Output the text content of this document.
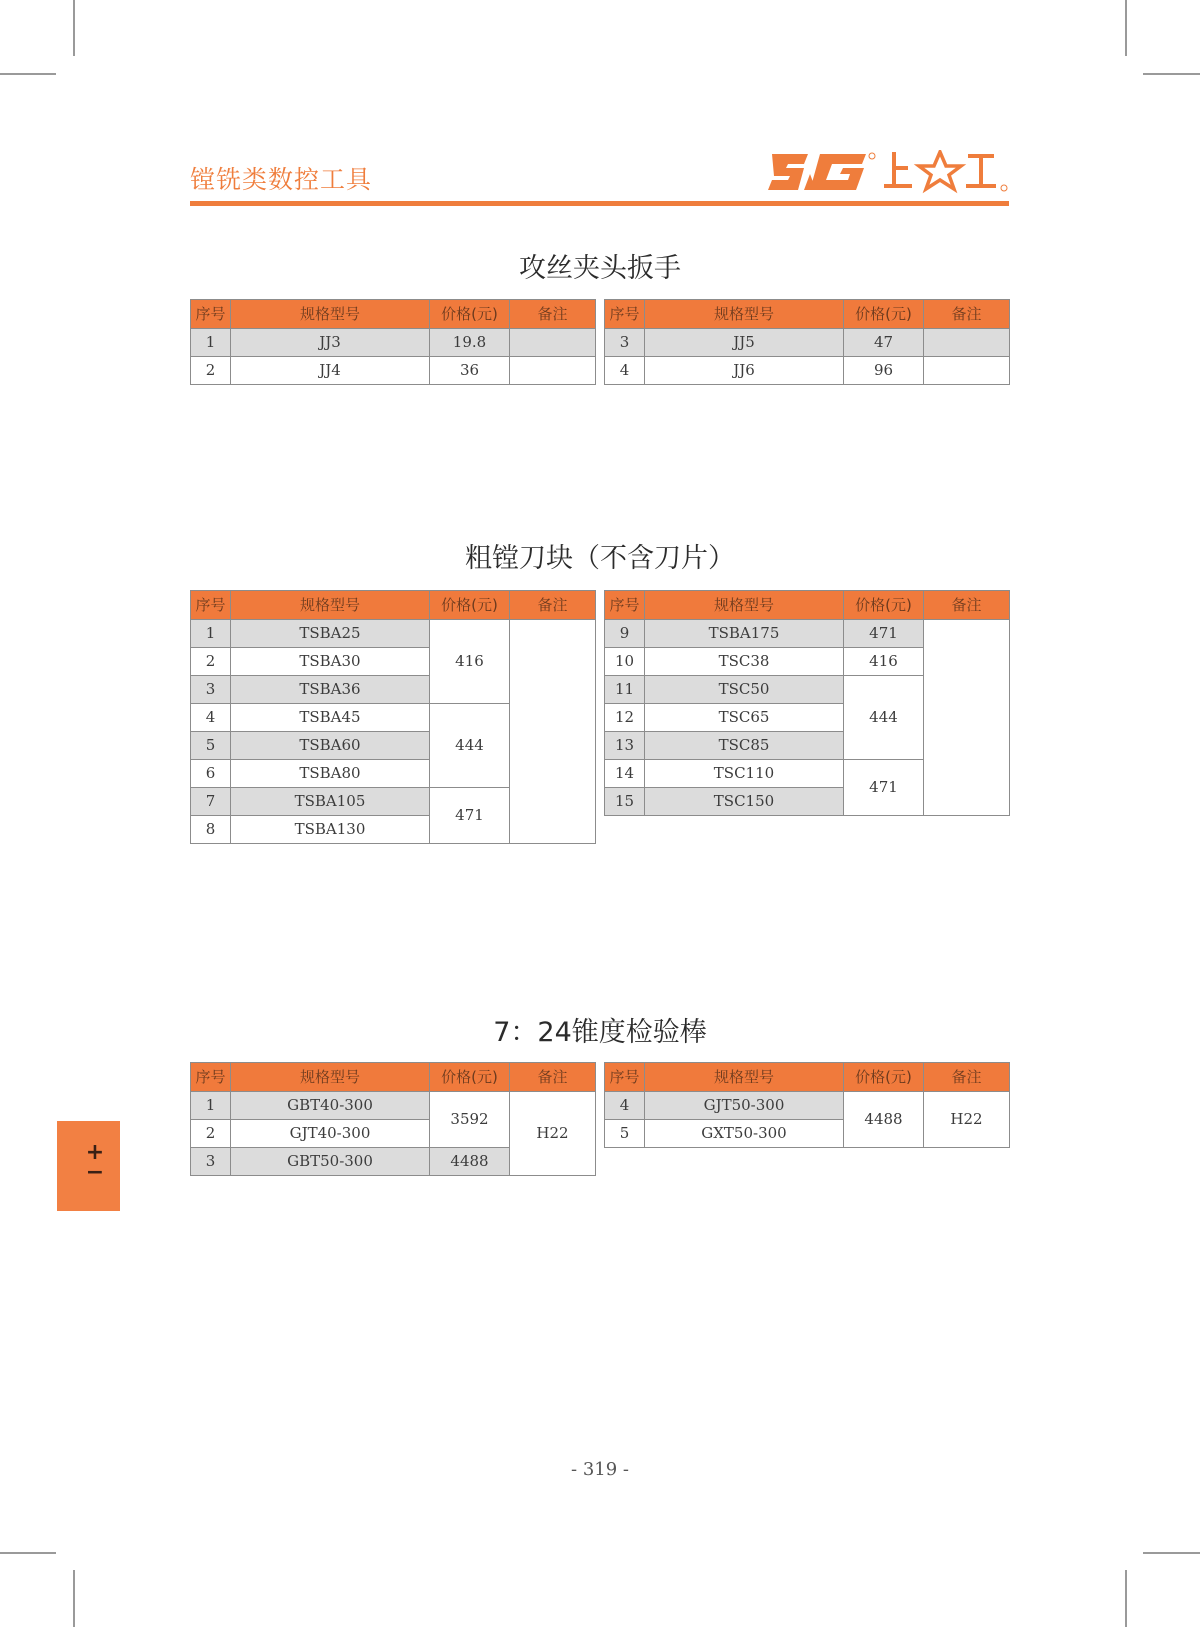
镗铣类数控工具
攻丝夹头扳手
序号	规格型号	价格(元)	备注
1	JJ3	19.8	
2	JJ4	36	
序号	规格型号	价格(元)	备注
3	JJ5	47	
4	JJ6	96	
粗镗刀块（不含刀片）
序号	规格型号	价格(元)	备注
1	TSBA25	416	
2	TSBA30		
3	TSBA36		
4	TSBA45	444	
5	TSBA60		
6	TSBA80		
7	TSBA105	471	
8	TSBA130		
序号	规格型号	价格(元)	备注
9	TSBA175	471	
10	TSC38	416	
11	TSC50	444	
12	TSC65		
13	TSC85		
14	TSC110	471	
15	TSC150		
7：24锥度检验棒
序号	规格型号	价格(元)	备注
1	GBT40-300	3592	H22
2	GJT40-300		
3	GBT50-300	4488	
序号	规格型号	价格(元)	备注
4	GJT50-300	4488	H22
5	GXT50-300		
+
−
- 319 -
